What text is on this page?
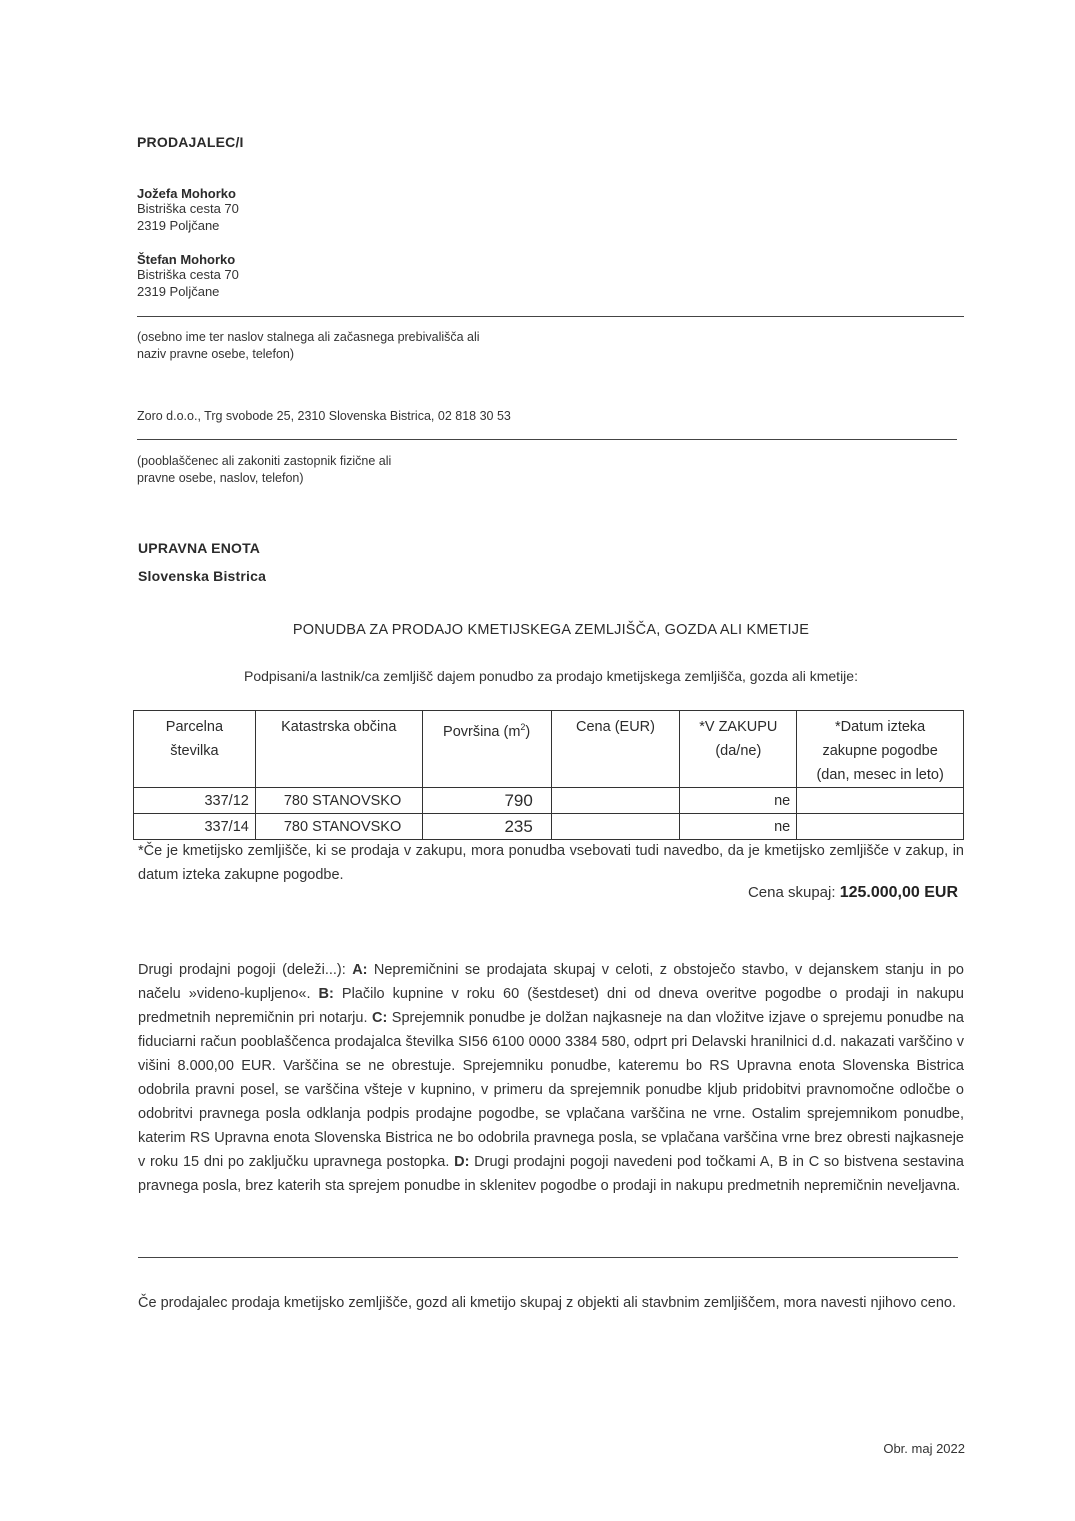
PRODAJALEC/I
Jožefa Mohorko
Bistriška cesta 70
2319 Poljčane
Štefan Mohorko
Bistriška cesta 70
2319 Poljčane
(osebno ime ter naslov stalnega ali začasnega prebivališča ali
naziv pravne osebe, telefon)
Zoro d.o.o., Trg svobode 25, 2310 Slovenska Bistrica, 02 818 30 53
(pooblaščenec ali zakoniti zastopnik fizične ali
pravne osebe, naslov, telefon)
UPRAVNA ENOTA
Slovenska Bistrica
PONUDBA ZA PRODAJO KMETIJSKEGA ZEMLJIŠČA, GOZDA ALI KMETIJE
Podpisani/a lastnik/ca zemljišč dajem ponudbo za prodajo kmetijskega zemljišča, gozda ali kmetije:
Parcelna
številka	Katastrska občina	Površina $(m^2)$	Cena (EUR)	*V ZAKUPU
(da/ne)	*Datum izteka
zakupne pogodbe
(dan, mesec in leto)
337/12	780 STANOVSKO	790		ne	
337/14	780 STANOVSKO	235		ne	
*Če je kmetijsko zemljišče, ki se prodaja v zakupu, mora ponudba vsebovati tudi navedbo, da je kmetijsko zemljišče v zakup, in datum izteka zakupne pogodbe.
Cena skupaj: 125.000,00 EUR
Drugi prodajni pogoji (deleži...): A: Nepremičnini se prodajata skupaj v celoti, z obstoječo stavbo, v dejanskem stanju in po načelu »videno-kupljeno«. B: Plačilo kupnine v roku 60 (šestdeset) dni od dneva overitve pogodbe o prodaji in nakupu predmetnih nepremičnin pri notarju. C: Sprejemnik ponudbe je dolžan najkasneje na dan vložitve izjave o sprejemu ponudbe na fiduciarni račun pooblaščenca prodajalca številka SI56 6100 0000 3384 580, odprt pri Delavski hranilnici d.d. nakazati varščino v višini 8.000,00 EUR. Varščina se ne obrestuje. Sprejemniku ponudbe, kateremu bo RS Upravna enota Slovenska Bistrica odobrila pravni posel, se varščina všteje v kupnino, v primeru da sprejemnik ponudbe kljub pridobitvi pravnomočne odločbe o odobritvi pravnega posla odklanja podpis prodajne pogodbe, se vplačana varščina ne vrne. Ostalim sprejemnikom ponudbe, katerim RS Upravna enota Slovenska Bistrica ne bo odobrila pravnega posla, se vplačana varščina vrne brez obresti najkasneje v roku 15 dni po zaključku upravnega postopka. D: Drugi prodajni pogoji navedeni pod točkami A, B in C so bistvena sestavina pravnega posla, brez katerih sta sprejem ponudbe in sklenitev pogodbe o prodaji in nakupu predmetnih nepremičnin neveljavna.
Če prodajalec prodaja kmetijsko zemljišče, gozd ali kmetijo skupaj z objekti ali stavbnim zemljiščem, mora navesti njihovo ceno.
Obr. maj 2022
